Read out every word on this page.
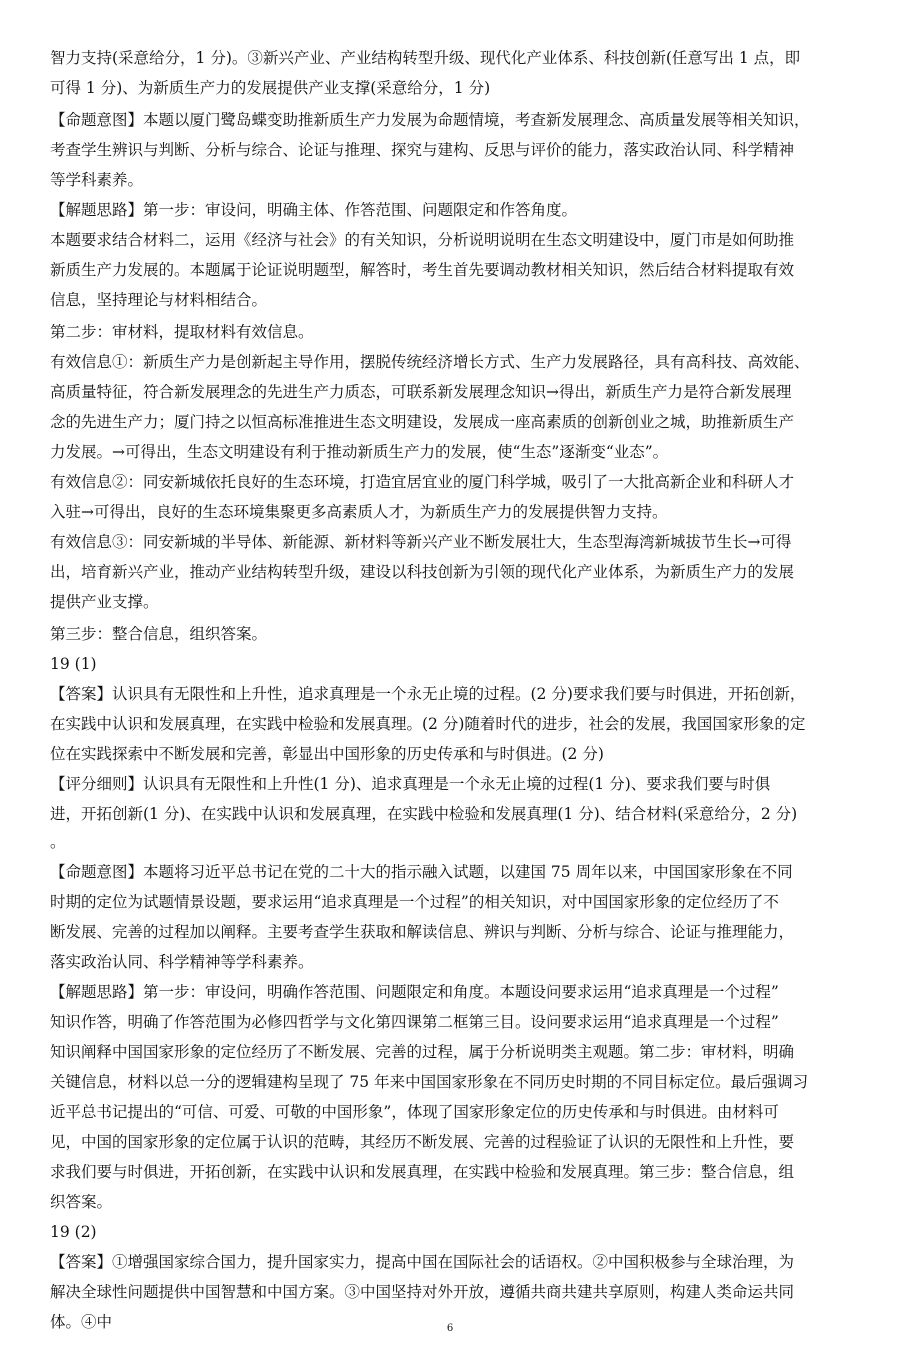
智力支持(采意给分，1 分)。③新兴产业、产业结构转型升级、现代化产业体系、科技创新(任意写出 1 点，即
可得 1 分)、为新质生产力的发展提供产业支撑(采意给分，1 分)
【命题意图】本题以厦门鹭岛蝶变助推新质生产力发展为命题情境，考查新发展理念、高质量发展等相关知识，
考查学生辨识与判断、分析与综合、论证与推理、探究与建构、反思与评价的能力，落实政治认同、科学精神
等学科素养。
【解题思路】第一步：审设问，明确主体、作答范围、问题限定和作答角度。
本题要求结合材料二，运用《经济与社会》的有关知识，分析说明说明在生态文明建设中，厦门市是如何助推
新质生产力发展的。本题属于论证说明题型，解答时，考生首先要调动教材相关知识，然后结合材料提取有效
信息，坚持理论与材料相结合。
第二步：审材料，提取材料有效信息。
有效信息①：新质生产力是创新起主导作用，摆脱传统经济增长方式、生产力发展路径，具有高科技、高效能、
高质量特征，符合新发展理念的先进生产力质态，可联系新发展理念知识→得出，新质生产力是符合新发展理
念的先进生产力；厦门持之以恒高标准推进生态文明建设，发展成一座高素质的创新创业之城，助推新质生产
力发展。→可得出，生态文明建设有利于推动新质生产力的发展，使“生态”逐渐变“业态”。
有效信息②：同安新城依托良好的生态环境，打造宜居宜业的厦门科学城，吸引了一大批高新企业和科研人才
入驻→可得出，良好的生态环境集聚更多高素质人才，为新质生产力的发展提供智力支持。
有效信息③：同安新城的半导体、新能源、新材料等新兴产业不断发展壮大，生态型海湾新城拔节生长→可得
出，培育新兴产业，推动产业结构转型升级，建设以科技创新为引领的现代化产业体系，为新质生产力的发展
提供产业支撑。
第三步：整合信息，组织答案。
19 (1)
【答案】认识具有无限性和上升性，追求真理是一个永无止境的过程。(2 分)要求我们要与时俱进，开拓创新，
在实践中认识和发展真理，在实践中检验和发展真理。(2 分)随着时代的进步，社会的发展，我国国家形象的定
位在实践探索中不断发展和完善，彰显出中国形象的历史传承和与时俱进。(2 分)
【评分细则】认识具有无限性和上升性(1 分)、追求真理是一个永无止境的过程(1 分)、要求我们要与时俱
进，开拓创新(1 分)、在实践中认识和发展真理，在实践中检验和发展真理(1 分)、结合材料(采意给分，2 分)
。
【命题意图】本题将习近平总书记在党的二十大的指示融入试题，以建国 75 周年以来，中国国家形象在不同
时期的定位为试题情景设题，要求运用“追求真理是一个过程”的相关知识，对中国国家形象的定位经历了不
断发展、完善的过程加以阐释。主要考查学生获取和解读信息、辨识与判断、分析与综合、论证与推理能力，
落实政治认同、科学精神等学科素养。
【解题思路】第一步：审设问，明确作答范围、问题限定和角度。本题设问要求运用“追求真理是一个过程”
知识作答，明确了作答范围为必修四哲学与文化第四课第二框第三目。设问要求运用“追求真理是一个过程”
知识阐释中国国家形象的定位经历了不断发展、完善的过程，属于分析说明类主观题。第二步：审材料，明确
关键信息，材料以总一分的逻辑建构呈现了 75 年来中国国家形象在不同历史时期的不同目标定位。最后强调习
近平总书记提出的“可信、可爱、可敬的中国形象”，体现了国家形象定位的历史传承和与时俱进。由材料可
见，中国的国家形象的定位属于认识的范畴，其经历不断发展、完善的过程验证了认识的无限性和上升性，要
求我们要与时俱进，开拓创新，在实践中认识和发展真理，在实践中检验和发展真理。第三步：整合信息，组
织答案。
19 (2)
【答案】①增强国家综合国力，提升国家实力，提高中国在国际社会的话语权。②中国积极参与全球治理，为
解决全球性问题提供中国智慧和中国方案。③中国坚持对外开放，遵循共商共建共享原则，构建人类命运共同
体。④中	6
